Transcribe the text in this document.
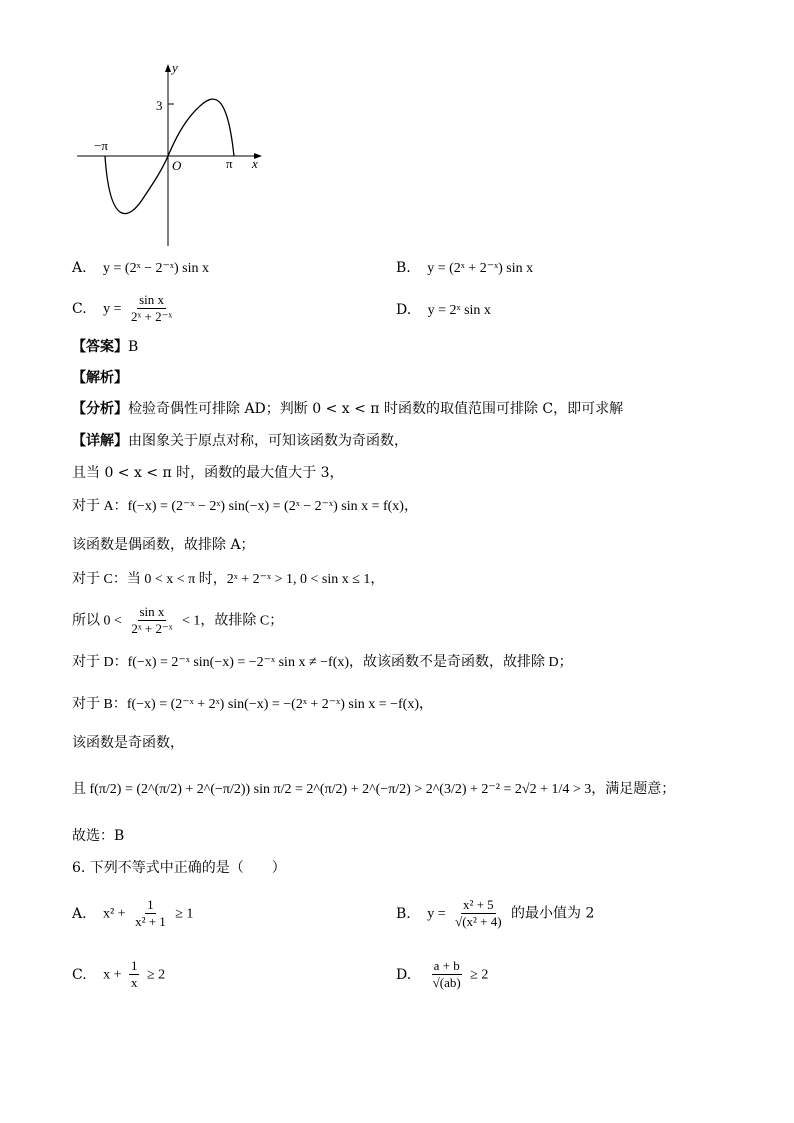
y
x
3
−π
π
O
A. y = (2ˣ − 2⁻ˣ) sin x	B. y = (2ˣ + 2⁻ˣ) sin x
C. $y = \frac{\text{sin x}}{\text{2ˣ + 2⁻ˣ}}$	D. y = 2ˣ sin x
【答案】B
【解析】
【分析】检验奇偶性可排除 AD；判断 0 < x < π 时函数的取值范围可排除 C，即可求解
【详解】由图象关于原点对称，可知该函数为奇函数，
且当 0 < x < π 时，函数的最大值大于 3，
对于 A：f(−x) = (2⁻ˣ − 2ˣ) sin(−x) = (2ˣ − 2⁻ˣ) sin x = f(x)，
该函数是偶函数，故排除 A；
对于 C：当 0 < x < π 时，2ˣ + 2⁻ˣ > 1, 0 < sin x ≤ 1，
所以 $0 < \frac{\text{sin x}}{\text{2ˣ + 2⁻ˣ}} < 1$，故排除 C；
对于 D：f(−x) = 2⁻ˣ sin(−x) = −2⁻ˣ sin x ≠ −f(x)，故该函数不是奇函数，故排除 D；
对于 B：f(−x) = (2⁻ˣ + 2ˣ) sin(−x) = −(2ˣ + 2⁻ˣ) sin x = −f(x)，
该函数是奇函数，
且 f(π/2) = (2^(π/2) + 2^(−π/2)) sin π/2 = 2^(π/2) + 2^(−π/2) > 2^(3/2) + 2⁻² = 2√2 + 1/4 > 3，满足题意；
故选：B
6. 下列不等式中正确的是（　　）
A. $x^2 + \frac{1}{\text{x² + 1}} \ge 1$	B. $y = \frac{\text{x² + 5}}{\text{√(x² + 4)}}$ 的最小值为 2
C. $x + \frac{1}{x} \ge 2$	D. $\frac{a + b}{√(ab)} \ge 2$
